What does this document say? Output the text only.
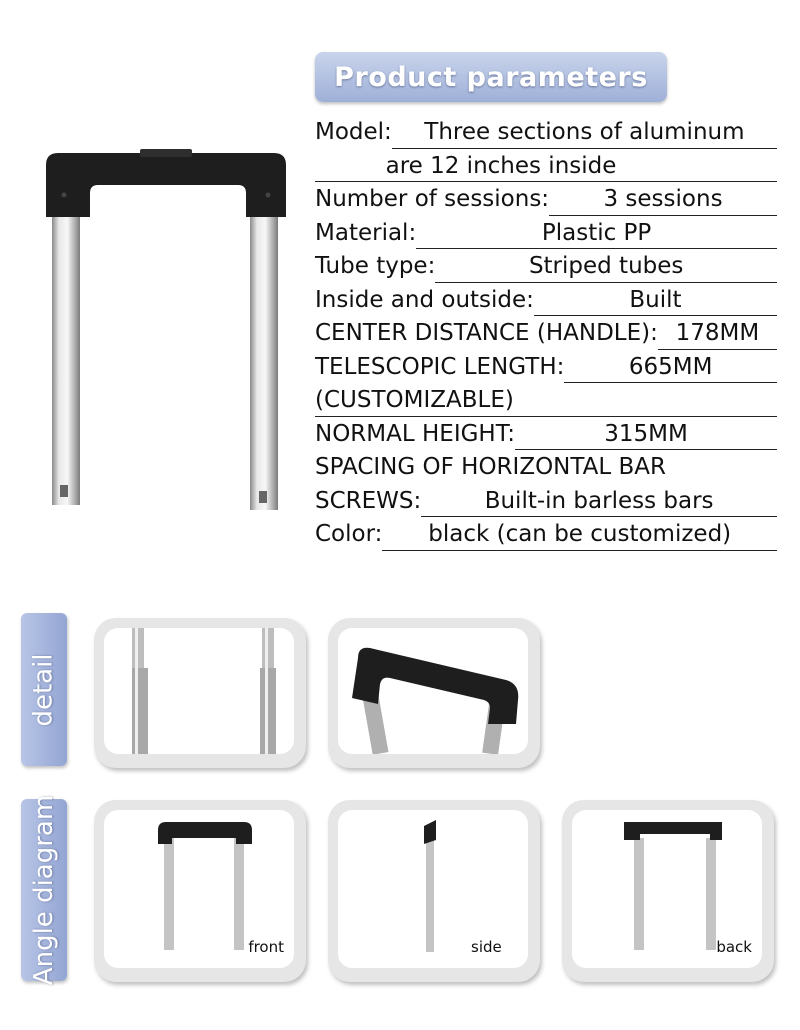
Product parameters
Model:	Three sections of aluminum
are 12 inches inside
Number of sessions:	3 sessions
Material:	Plastic PP
Tube type:	Striped tubes
Inside and outside:	Built
CENTER DISTANCE (HANDLE): 178MM
TELESCOPIC LENGTH:	665MM
(CUSTOMIZABLE)
NORMAL HEIGHT:	315MM
SPACING OF HORIZONTAL BAR
SCREWS:	Built-in barless bars
Color:	black (can be customized)
detail
Angle diagram	front	side	back
